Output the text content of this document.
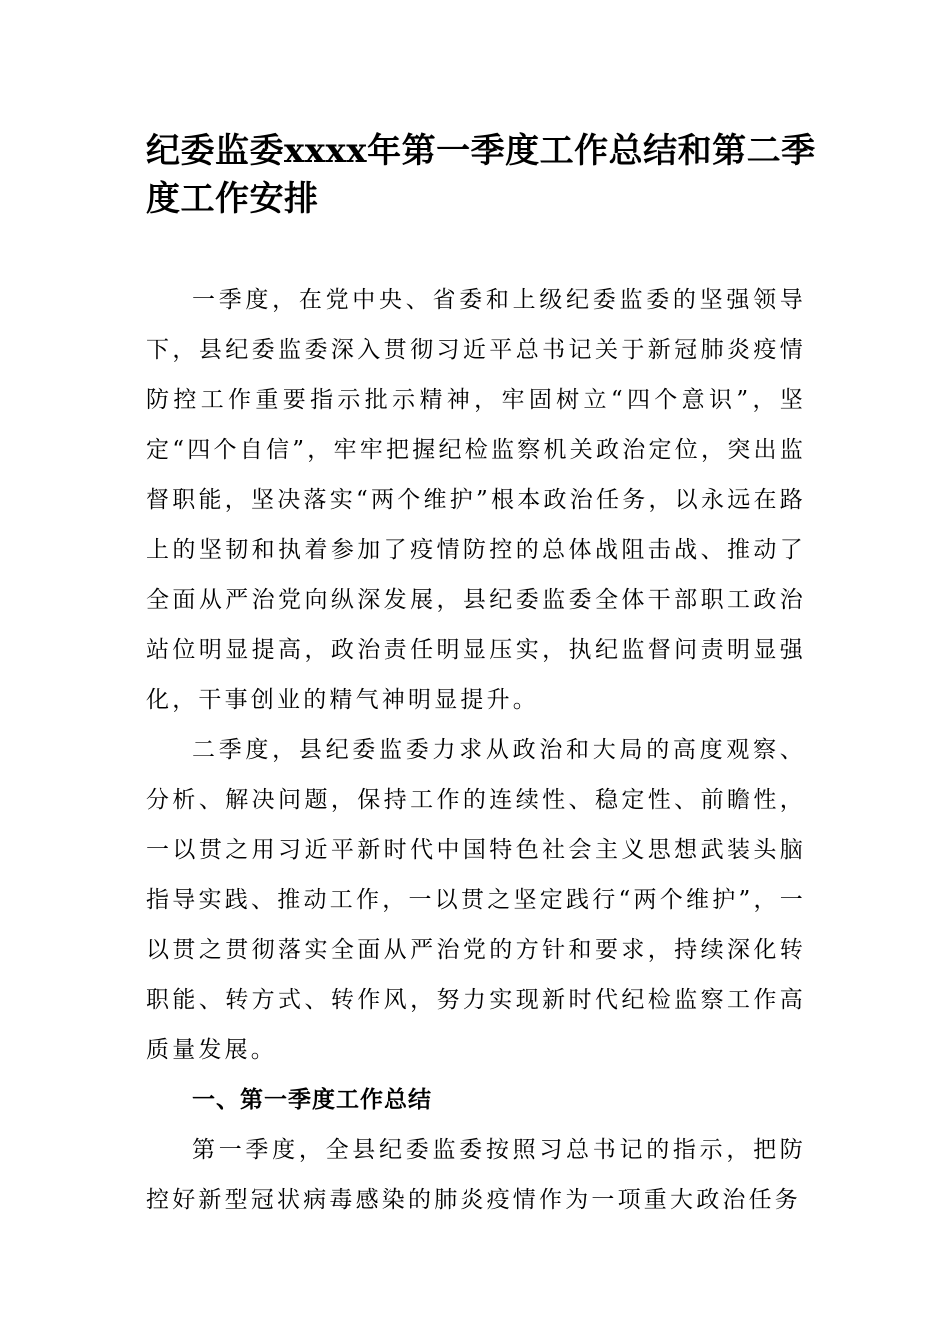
纪委监委xxxx年第一季度工作总结和第二季度工作安排

一季度，在党中央、省委和上级纪委监委的坚强领导下，县纪委监委深入贯彻习近平总书记关于新冠肺炎疫情防控工作重要指示批示精神，牢固树立“四个意识”，坚定“四个自信”，牢牢把握纪检监察机关政治定位，突出监督职能，坚决落实“两个维护”根本政治任务，以永远在路上的坚韧和执着参加了疫情防控的总体战阻击战、推动了全面从严治党向纵深发展，县纪委监委全体干部职工政治站位明显提高，政治责任明显压实，执纪监督问责明显强化，干事创业的精气神明显提升。

二季度，县纪委监委力求从政治和大局的高度观察、分析、解决问题，保持工作的连续性、稳定性、前瞻性，一以贯之用习近平新时代中国特色社会主义思想武装头脑指导实践、推动工作，一以贯之坚定践行“两个维护”，一以贯之贯彻落实全面从严治党的方针和要求，持续深化转职能、转方式、转作风，努力实现新时代纪检监察工作高质量发展。

一、第一季度工作总结

第一季度，全县纪委监委按照习总书记的指示，把防控好新型冠状病毒感染的肺炎疫情作为一项重大政治任务
